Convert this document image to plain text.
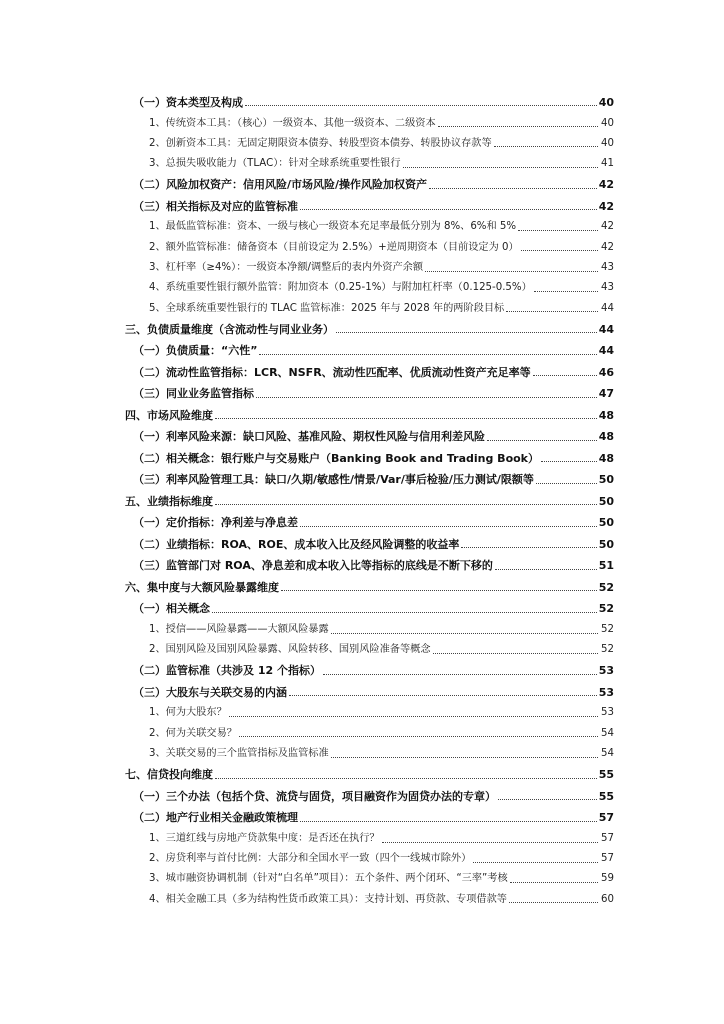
（一）资本类型及构成	40
1、传统资本工具：（核心）一级资本、其他一级资本、二级资本	40
2、创新资本工具：无固定期限资本债券、转股型资本债券、转股协议存款等	40
3、总损失吸收能力（TLAC）：针对全球系统重要性银行	41
（二）风险加权资产：信用风险/市场风险/操作风险加权资产	42
（三）相关指标及对应的监管标准	42
1、最低监管标准：资本、一级与核心一级资本充足率最低分别为 8%、6%和 5%	42
2、额外监管标准：储备资本（目前设定为 2.5%）+逆周期资本（目前设定为 0）	42
3、杠杆率（≥4%）：一级资本净额/调整后的表内外资产余额	43
4、系统重要性银行额外监管：附加资本（0.25-1%）与附加杠杆率（0.125-0.5%）	43
5、全球系统重要性银行的 TLAC 监管标准：2025 年与 2028 年的两阶段目标	44
三、负债质量维度（含流动性与同业业务）	44
（一）负债质量：“六性”	44
（二）流动性监管指标：LCR、NSFR、流动性匹配率、优质流动性资产充足率等	46
（三）同业业务监管指标	47
四、市场风险维度	48
（一）利率风险来源：缺口风险、基准风险、期权性风险与信用利差风险	48
（二）相关概念：银行账户与交易账户（Banking Book and Trading Book）	48
（三）利率风险管理工具：缺口/久期/敏感性/情景/Var/事后检验/压力测试/限额等	50
五、业绩指标维度	50
（一）定价指标：净利差与净息差	50
（二）业绩指标：ROA、ROE、成本收入比及经风险调整的收益率	50
（三）监管部门对 ROA、净息差和成本收入比等指标的底线是不断下移的	51
六、集中度与大额风险暴露维度	52
（一）相关概念	52
1、授信——风险暴露——大额风险暴露	52
2、国别风险及国别风险暴露、风险转移、国别风险准备等概念	52
（二）监管标准（共涉及 12 个指标）	53
（三）大股东与关联交易的内涵	53
1、何为大股东？	53
2、何为关联交易？	54
3、关联交易的三个监管指标及监管标准	54
七、信贷投向维度	55
（一）三个办法（包括个贷、流贷与固贷，项目融资作为固贷办法的专章）	55
（二）地产行业相关金融政策梳理	57
1、三道红线与房地产贷款集中度：是否还在执行？	57
2、房贷利率与首付比例：大部分和全国水平一致（四个一线城市除外）	57
3、城市融资协调机制（针对“白名单”项目）：五个条件、两个闭环、“三率”考核	59
4、相关金融工具（多为结构性货币政策工具）：支持计划、再贷款、专项借款等	60
